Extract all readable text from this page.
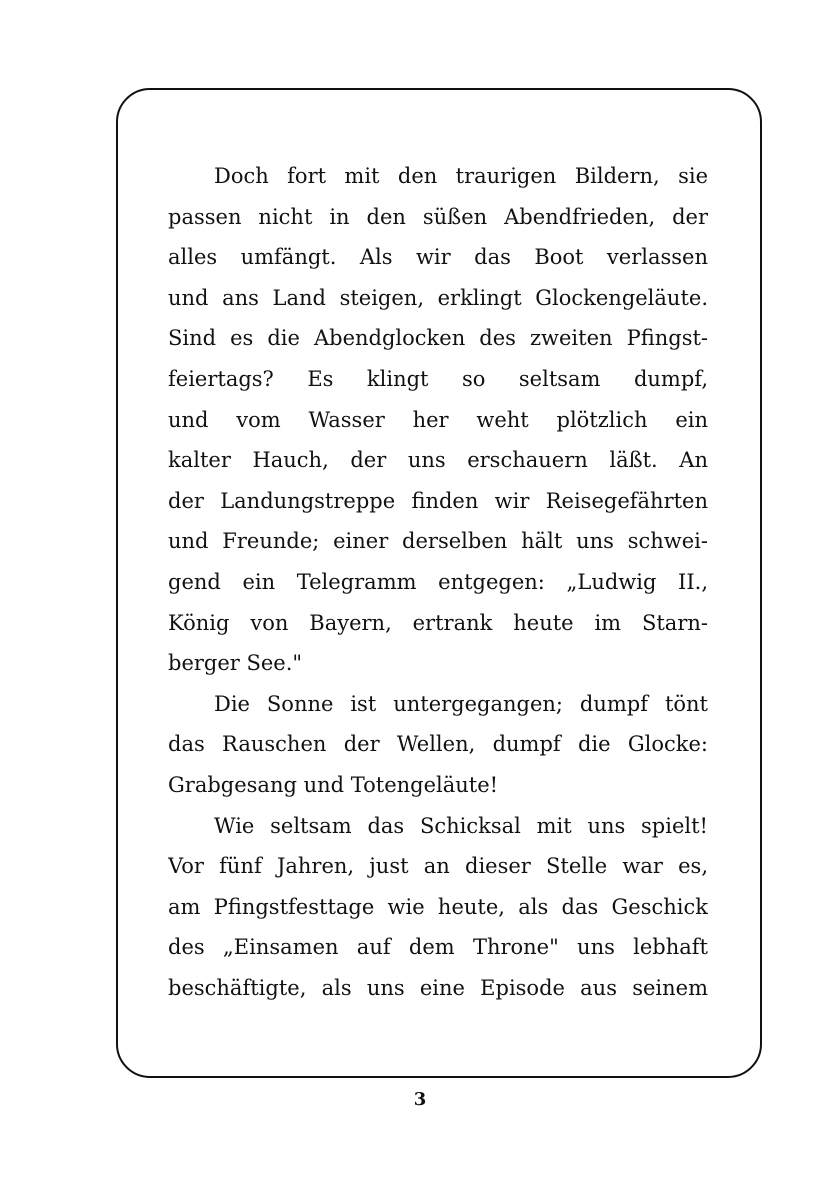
Doch fort mit den traurigen Bildern, sie
passen nicht in den süßen Abendfrieden, der
alles umfängt. Als wir das Boot verlassen
und ans Land steigen, erklingt Glockengeläute.
Sind es die Abendglocken des zweiten Pfingst-
feiertags? Es klingt so seltsam dumpf,
und vom Wasser her weht plötzlich ein
kalter Hauch, der uns erschauern läßt. An
der Landungstreppe finden wir Reisegefährten
und Freunde; einer derselben hält uns schwei-
gend ein Telegramm entgegen: „Ludwig II.,
König von Bayern, ertrank heute im Starn-
berger See."
Die Sonne ist untergegangen; dumpf tönt
das Rauschen der Wellen, dumpf die Glocke:
Grabgesang und Totengeläute!
Wie seltsam das Schicksal mit uns spielt!
Vor fünf Jahren, just an dieser Stelle war es,
am Pfingstfesttage wie heute, als das Geschick
des „Einsamen auf dem Throne" uns lebhaft
beschäftigte, als uns eine Episode aus seinem
3
